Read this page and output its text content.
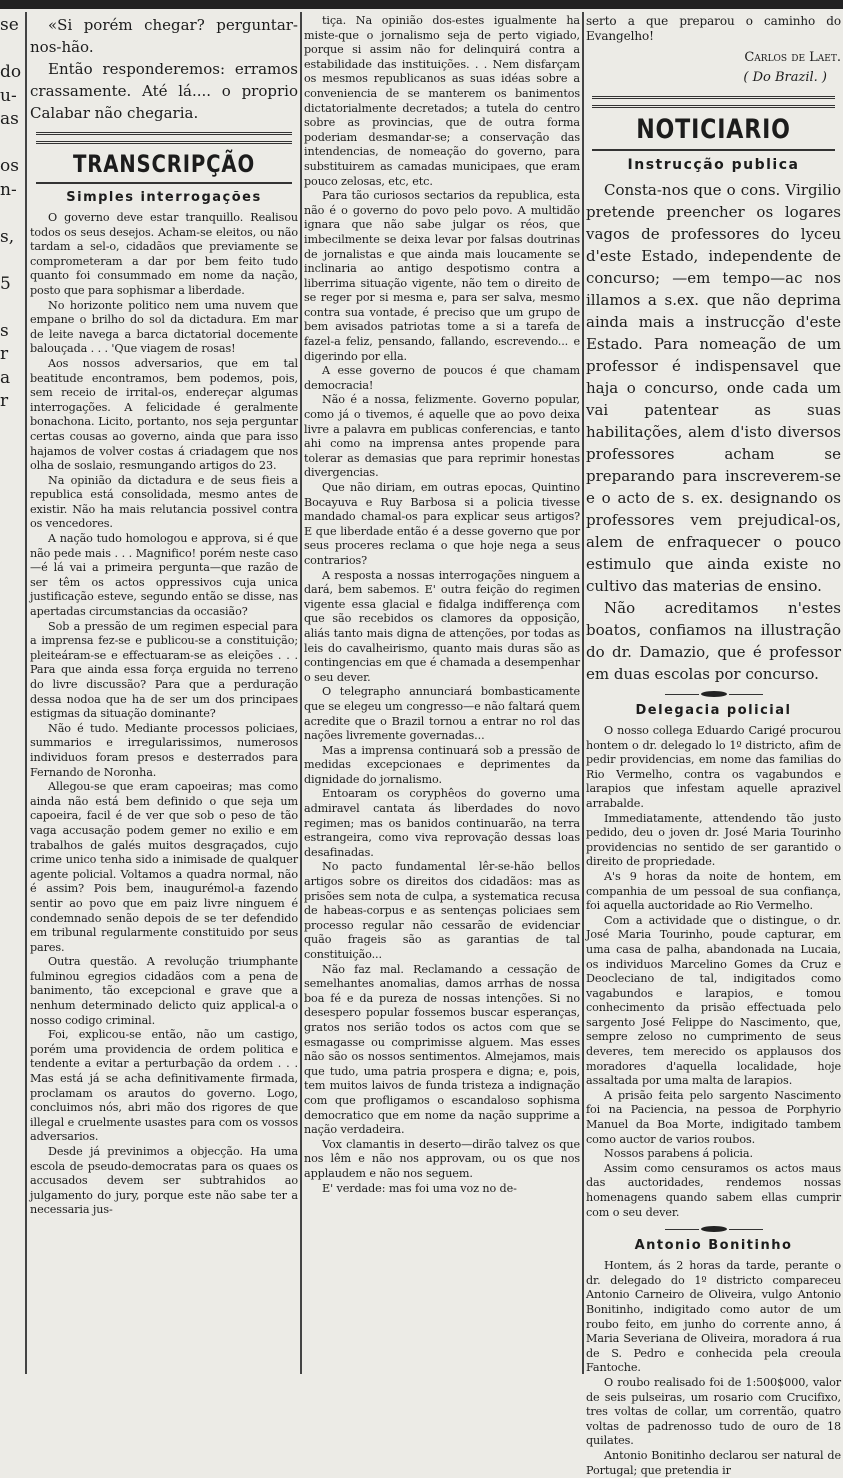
se
do
u-
as
os
n-
s,
5
s
r
a
r

«Si porém chegar? perguntar-nos-hão.

Então responderemos: erramos crassamente. Até lá.... o proprio Calabar não chegaria.

TRANSCRIPÇÃO
Simples interrogações

O governo deve estar tranquillo. Realisou todos os seus desejos. Acham-se eleitos, ou não tardam a sel-o, cidadãos que previamente se comprometeram a dar por bem feito tudo quanto foi consummado em nome da nação, posto que para sophismar a liberdade.

No horizonte politico nem uma nuvem que empane o brilho do sol da dictadura. Em mar de leite navega a barca dictatorial docemente balouçada . . . 'Que viagem de rosas!

Aos nossos adversarios, que em tal beatitude encontramos, bem podemos, pois, sem receio de irrital-os, endereçar algumas interrogações. A felicidade é geralmente bonachona. Licito, portanto, nos seja perguntar certas cousas ao governo, ainda que para isso hajamos de volver costas á criadagem que nos olha de soslaio, resmungando artigos do 23.

Na opinião da dictadura e de seus fieis a republica está consolidada, mesmo antes de existir. Não ha mais relutancia possivel contra os vencedores.

A nação tudo homologou e approva, si é que não pede mais . . . Magnifico! porém neste caso—é lá vai a primeira pergunta—que razão de ser têm os actos oppressivos cuja unica justificação esteve, segundo então se disse, nas apertadas circumstancias da occasião?

Sob a pressão de um regimen especial para a imprensa fez-se e publicou-se a constituição; pleiteáram-se e effectuaram-se as eleições . . . Para que ainda essa força erguida no terreno do livre discussão? Para que a perduração dessa nodoa que ha de ser um dos principaes estigmas da situação dominante?

Não é tudo. Mediante processos policiaes, summarios e irregularissimos, numerosos individuos foram presos e desterrados para Fernando de Noronha.

Allegou-se que eram capoeiras; mas como ainda não está bem definido o que seja um capoeira, facil é de ver que sob o peso de tão vaga accusação podem gemer no exilio e em trabalhos de galés muitos desgraçados, cujo crime unico tenha sido a inimisade de qualquer agente policial. Voltamos a quadra normal, não é assim? Pois bem, inaugurémol-a fazendo sentir ao povo que em paiz livre ninguem é condemnado senão depois de se ter defendido em tribunal regularmente constituido por seus pares.

Outra questão. A revolução triumphante fulminou egregios cidadãos com a pena de banimento, tão excepcional e grave que a nenhum determinado delicto quiz applical-a o nosso codigo criminal.

Foi, explicou-se então, não um castigo, porém uma providencia de ordem politica e tendente a evitar a perturbação da ordem . . . Mas está já se acha definitivamente firmada, proclamam os arautos do governo. Logo, concluimos nós, abri mão dos rigores de que illegal e cruelmente usastes para com os vossos adversarios.

Desde já previnimos a objecção. Ha uma escola de pseudo-democratas para os quaes os accusados devem ser subtrahidos ao julgamento do jury, porque este não sabe ter a necessaria jus-

tiça. Na opinião dos-estes igualmente ha miste-que o jornalismo seja de perto vigiado, porque si assim não for delinquirá contra a estabilidade das instituições. . . Nem disfarçam os mesmos republicanos as suas idéas sobre a conveniencia de se manterem os banimentos dictatorialmente decretados; a tutela do centro sobre as provincias, que de outra forma poderiam desmandar-se; a conservação das intendencias, de nomeação do governo, para substituirem as camadas municipaes, que eram pouco zelosas, etc, etc.

Para tão curiosos sectarios da republica, esta não é o governo do povo pelo povo. A multidão ignara que não sabe julgar os réos, que imbecilmente se deixa levar por falsas doutrinas de jornalistas e que ainda mais loucamente se inclinaria ao antigo despotismo contra a liberrima situação vigente, não tem o direito de se reger por si mesma e, para ser salva, mesmo contra sua vontade, é preciso que um grupo de bem avisados patriotas tome a si a tarefa de fazel-a feliz, pensando, fallando, escrevendo... e digerindo por ella.

A esse governo de poucos é que chamam democracia!

Não é a nossa, felizmente. Governo popular, como já o tivemos, é aquelle que ao povo deixa livre a palavra em publicas conferencias, e tanto ahi como na imprensa antes propende para tolerar as demasias que para reprimir honestas divergencias.

Que não diriam, em outras epocas, Quintino Bocayuva e Ruy Barbosa si a policia tivesse mandado chamal-os para explicar seus artigos? E que liberdade então é a desse governo que por seus proceres reclama o que hoje nega a seus contrarios?

A resposta a nossas interrogações ninguem a dará, bem sabemos. E' outra feição do regimen vigente essa glacial e fidalga indifferença com que são recebidos os clamores da opposição, aliás tanto mais digna de attenções, por todas as leis do cavalheirismo, quanto mais duras são as contingencias em que é chamada a desempenhar o seu dever.

O telegrapho annunciará bombasticamente que se elegeu um congresso—e não faltará quem acredite que o Brazil tornou a entrar no rol das nações livremente governadas...

Mas a imprensa continuará sob a pressão de medidas excepcionaes e deprimentes da dignidade do jornalismo.

Entoaram os coryphêos do governo uma admiravel cantata ás liberdades do novo regimen; mas os banidos continuarão, na terra estrangeira, como viva reprovação dessas loas desafinadas.

No pacto fundamental lêr-se-hão bellos artigos sobre os direitos dos cidadãos: mas as prisões sem nota de culpa, a systematica recusa de habeas-corpus e as sentenças policiaes sem processo regular não cessarão de evidenciar quão frageis são as garantias de tal constituição...

Não faz mal. Reclamando a cessação de semelhantes anomalias, damos arrhas de nossa boa fé e da pureza de nossas intenções. Si no desespero popular fossemos buscar esperanças, gratos nos serião todos os actos com que se esmagasse ou comprimisse alguem. Mas esses não são os nossos sentimentos. Almejamos, mais que tudo, uma patria prospera e digna; e, pois, tem muitos laivos de funda tristeza a indignação com que profligamos o escandaloso sophisma democratico que em nome da nação supprime a nação verdadeira.

Vox clamantis in deserto—dirão talvez os que nos lêm e não nos approvam, ou os que nos applaudem e não nos seguem.

E' verdade: mas foi uma voz no de-

serto a que preparou o caminho do Evangelho!
Carlos de Laet.
( Do Brazil. )
NOTICIARIO
Instrucção publica

Consta-nos que o cons. Virgilio pretende preencher os logares vagos de professores do lyceu d'este Estado, independente de concurso; —em tempo—ac nos illamos a s.ex. que não deprima ainda mais a instrucção d'este Estado. Para nomeação de um professor é indispensavel que haja o concurso, onde cada um vai patentear as suas habilitações, alem d'isto diversos professores acham se preparando para inscreverem-se e o acto de s. ex. designando os professores vem prejudical-os, alem de enfraquecer o pouco estimulo que ainda existe no cultivo das materias de ensino.

Não acreditamos n'estes boatos, confiamos na illustração do dr. Damazio, que é professor em duas escolas por concurso.

Delegacia policial

O nosso collega Eduardo Carigé procurou hontem o dr. delegado lo 1º districto, afim de pedir providencias, em nome das familias do Rio Vermelho, contra os vagabundos e larapios que infestam aquelle aprazivel arrabalde.

Immediatamente, attendendo tão justo pedido, deu o joven dr. José Maria Tourinho providencias no sentido de ser garantido o direito de propriedade.

A's 9 horas da noite de hontem, em companhia de um pessoal de sua confiança, foi aquella auctoridade ao Rio Vermelho.

Com a actividade que o distingue, o dr. José Maria Tourinho, poude capturar, em uma casa de palha, abandonada na Lucaia, os individuos Marcelino Gomes da Cruz e Deocleciano de tal, indigitados como vagabundos e larapios, e tomou conhecimento da prisão effectuada pelo sargento José Felippe do Nascimento, que, sempre zeloso no cumprimento de seus deveres, tem merecido os applausos dos moradores d'aquella localidade, hoje assaltada por uma malta de larapios.

A prisão feita pelo sargento Nascimento foi na Paciencia, na pessoa de Porphyrio Manuel da Boa Morte, indigitado tambem como auctor de varios roubos.

Nossos parabens á policia.

Assim como censuramos os actos maus das auctoridades, rendemos nossas homenagens quando sabem ellas cumprir com o seu dever.

Antonio Bonitinho

Hontem, ás 2 horas da tarde, perante o dr. delegado do 1º districto compareceu Antonio Carneiro de Oliveira, vulgo Antonio Bonitinho, indigitado como autor de um roubo feito, em junho do corrente anno, á Maria Severiana de Oliveira, moradora á rua de S. Pedro e conhecida pela creoula Fantoche.

O roubo realisado foi de 1:500$000, valor de seis pulseiras, um rosario com Crucifixo, tres voltas de collar, um correntão, quatro voltas de padrenosso tudo de ouro de 18 quilates.

Antonio Bonitinho declarou ser natural de Portugal; que pretendia ir
